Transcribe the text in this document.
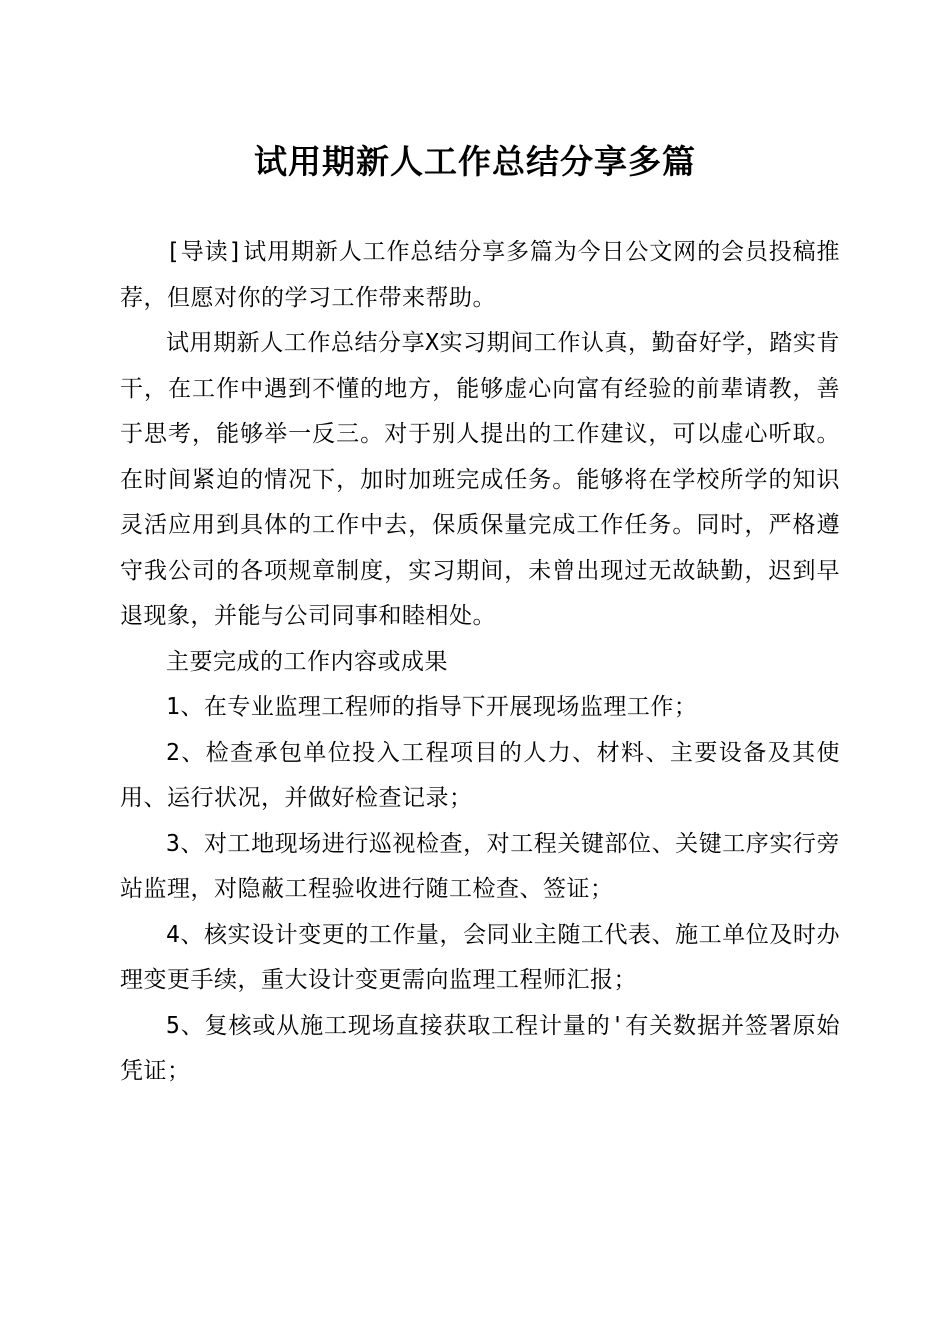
试用期新人工作总结分享多篇

[导读]试用期新人工作总结分享多篇为今日公文网的会员投稿推荐，但愿对你的学习工作带来帮助。

试用期新人工作总结分享X实习期间工作认真，勤奋好学，踏实肯干，在工作中遇到不懂的地方，能够虚心向富有经验的前辈请教，善于思考，能够举一反三。对于别人提出的工作建议，可以虚心听取。在时间紧迫的情况下，加时加班完成任务。能够将在学校所学的知识灵活应用到具体的工作中去，保质保量完成工作任务。同时，严格遵守我公司的各项规章制度，实习期间，未曾出现过无故缺勤，迟到早退现象，并能与公司同事和睦相处。

主要完成的工作内容或成果

1、在专业监理工程师的指导下开展现场监理工作；

2、检查承包单位投入工程项目的人力、材料、主要设备及其使用、运行状况，并做好检查记录；

3、对工地现场进行巡视检查，对工程关键部位、关键工序实行旁站监理，对隐蔽工程验收进行随工检查、签证；

4、核实设计变更的工作量，会同业主随工代表、施工单位及时办理变更手续，重大设计变更需向监理工程师汇报；

5、复核或从施工现场直接获取工程计量的'有关数据并签署原始凭证；
